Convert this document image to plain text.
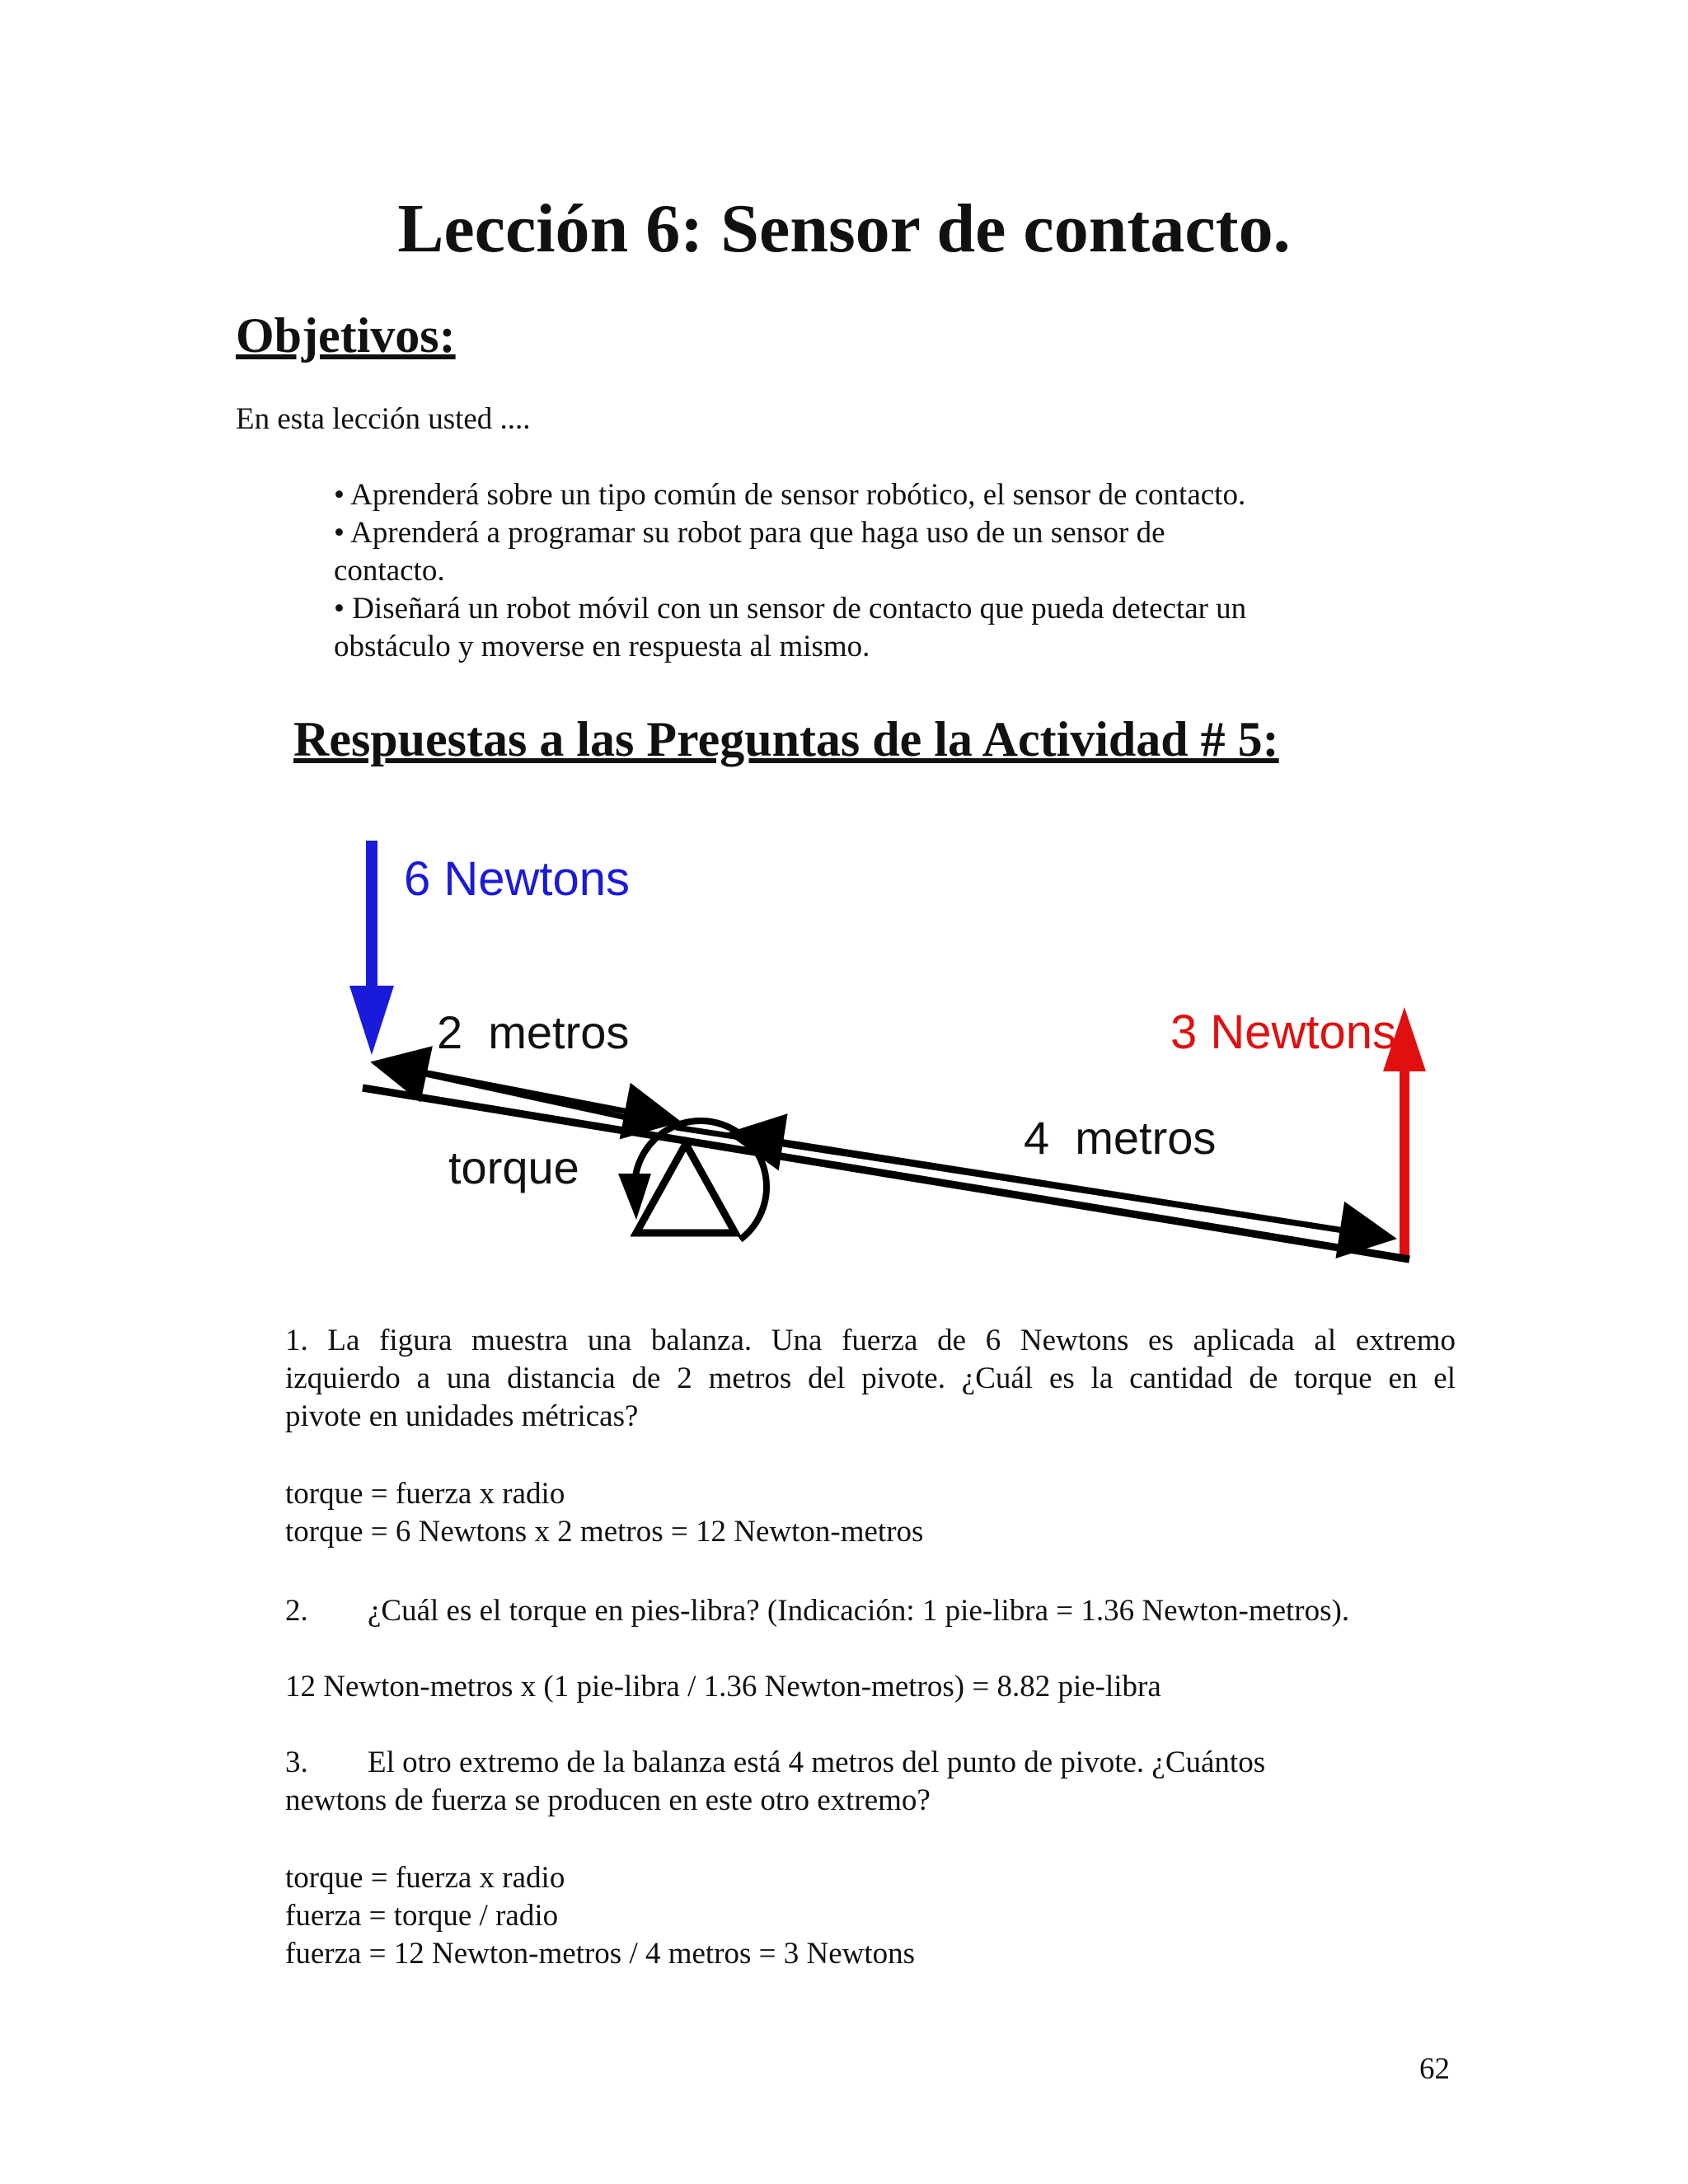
Lección 6: Sensor de contacto.
Objetivos:
En esta lección usted ....

• Aprenderá sobre un tipo común de sensor robótico, el sensor de contacto.

• Aprenderá a programar su robot para que haga uso de un sensor de

contacto.

• Diseñará un robot móvil con un sensor de contacto que pueda detectar un

obstáculo y moverse en respuesta al mismo.

Respuestas a las Preguntas de la Actividad # 5:
6 Newtons
3 Newtons
2  metros
4  metros
torque
1. La figura muestra una balanza. Una fuerza de 6 Newtons es aplicada al extremo
izquierdo a una distancia de 2 metros del pivote. ¿Cuál es la cantidad de torque en el
pivote en unidades métricas?
torque = fuerza x radio
torque = 6 Newtons x 2 metros = 12 Newton-metros
2. ¿Cuál es el torque en pies-libra? (Indicación: 1 pie-libra = 1.36 Newton-metros).
12 Newton-metros x (1 pie-libra / 1.36 Newton-metros) = 8.82 pie-libra
3. El otro extremo de la balanza está 4 metros del punto de pivote. ¿Cuántos
newtons de fuerza se producen en este otro extremo?
torque = fuerza x radio
fuerza = torque / radio
fuerza = 12 Newton-metros / 4 metros = 3 Newtons
62
